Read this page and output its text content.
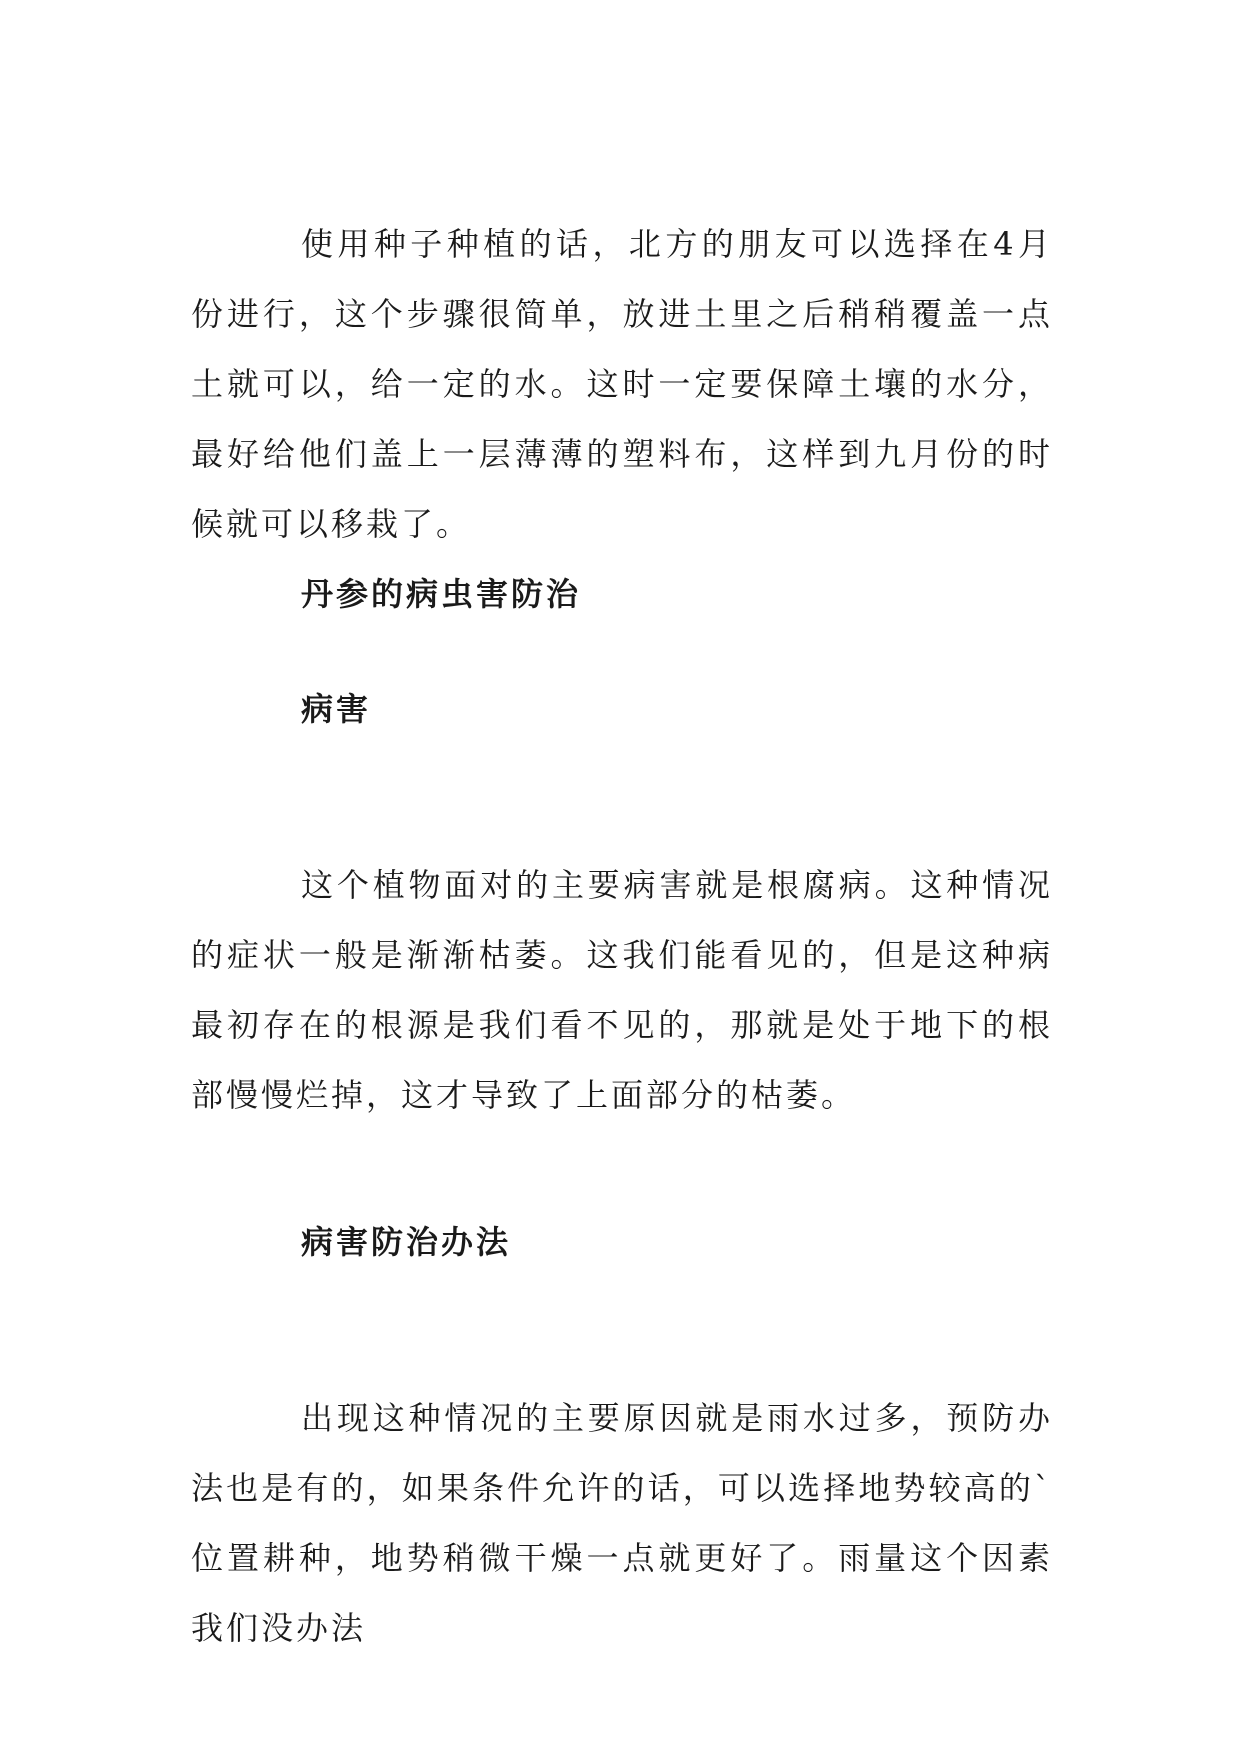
使用种子种植的话，北方的朋友可以选择在4月份进行，这个步骤很简单，放进土里之后稍稍覆盖一点土就可以，给一定的水。这时一定要保障土壤的水分，最好给他们盖上一层薄薄的塑料布，这样到九月份的时候就可以移栽了。

丹参的病虫害防治
病害

这个植物面对的主要病害就是根腐病。这种情况的症状一般是渐渐枯萎。这我们能看见的，但是这种病最初存在的根源是我们看不见的，那就是处于地下的根部慢慢烂掉，这才导致了上面部分的枯萎。

病害防治办法

出现这种情况的主要原因就是雨水过多，预防办法也是有的，如果条件允许的话，可以选择地势较高的`位置耕种，地势稍微干燥一点就更好了。雨量这个因素我们没办法
